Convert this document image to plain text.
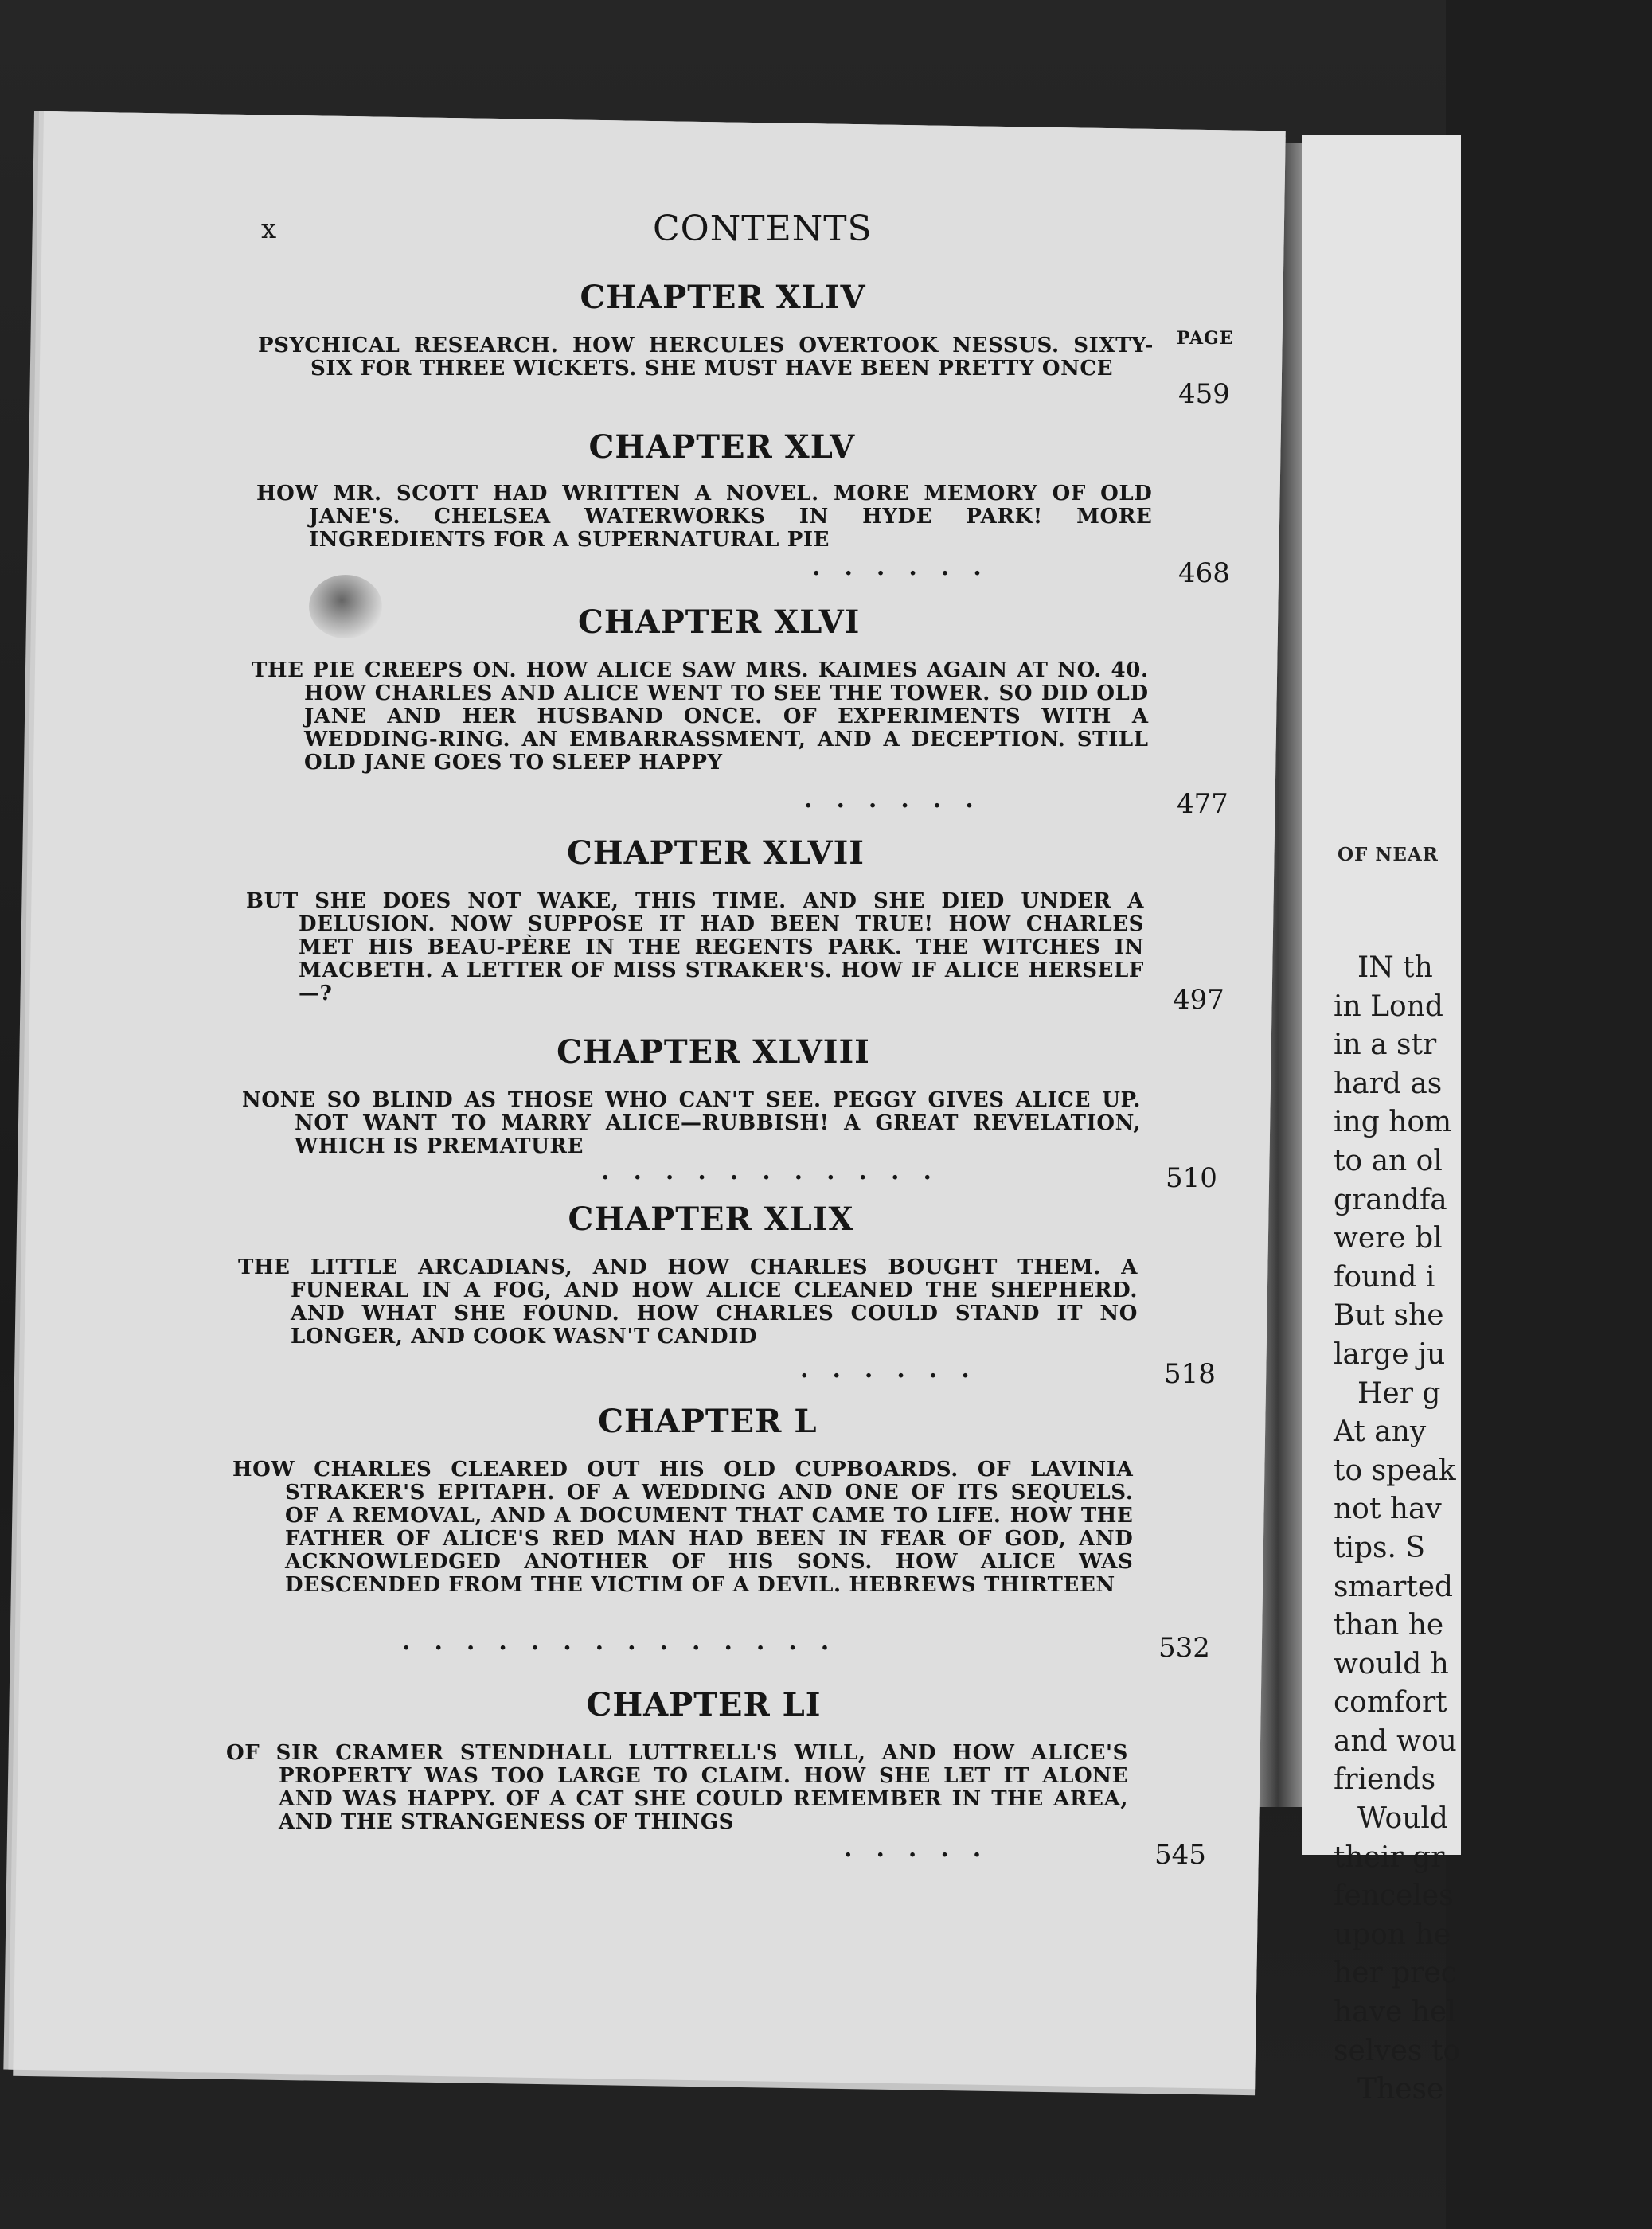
OF NEAR
IN th
in Lond
in a str
hard as
ing hom
to an ol
grandfa
were bl
found i
But she
large ju
Her g
At any
to speak
not hav
tips. S
smarted
than he
would h
comfort
and wou
friends
Would
their gr
fenceles
upon he
her prec
have hel
selves to
These
x	CONTENTS
PAGE
CHAPTER XLIV
PSYCHICAL RESEARCH. HOW HERCULES OVERTOOK NESSUS. SIXTY-SIX FOR THREE WICKETS. SHE MUST HAVE BEEN PRETTY ONCE
459
CHAPTER XLV
HOW MR. SCOTT HAD WRITTEN A NOVEL. MORE MEMORY OF OLD JANE'S. CHELSEA WATERWORKS IN HYDE PARK! MORE INGREDIENTS FOR A SUPERNATURAL PIE
......	468
CHAPTER XLVI
THE PIE CREEPS ON. HOW ALICE SAW MRS. KAIMES AGAIN AT NO. 40. HOW CHARLES AND ALICE WENT TO SEE THE TOWER. SO DID OLD JANE AND HER HUSBAND ONCE. OF EXPERIMENTS WITH A WEDDING-RING. AN EMBARRASSMENT, AND A DECEPTION. STILL OLD JANE GOES TO SLEEP HAPPY
......	477
CHAPTER XLVII
BUT SHE DOES NOT WAKE, THIS TIME. AND SHE DIED UNDER A DELUSION. NOW SUPPOSE IT HAD BEEN TRUE! HOW CHARLES MET HIS BEAU-PÈRE IN THE REGENTS PARK. THE WITCHES IN MACBETH. A LETTER OF MISS STRAKER'S. HOW IF ALICE HERSELF—?	497
CHAPTER XLVIII
NONE SO BLIND AS THOSE WHO CAN'T SEE. PEGGY GIVES ALICE UP. NOT WANT TO MARRY ALICE—RUBBISH! A GREAT REVELATION, WHICH IS PREMATURE
...........	510
CHAPTER XLIX
THE LITTLE ARCADIANS, AND HOW CHARLES BOUGHT THEM. A FUNERAL IN A FOG, AND HOW ALICE CLEANED THE SHEPHERD. AND WHAT SHE FOUND. HOW CHARLES COULD STAND IT NO LONGER, AND COOK WASN'T CANDID
......	518
CHAPTER L
HOW CHARLES CLEARED OUT HIS OLD CUPBOARDS. OF LAVINIA STRAKER'S EPITAPH. OF A WEDDING AND ONE OF ITS SEQUELS. OF A REMOVAL, AND A DOCUMENT THAT CAME TO LIFE. HOW THE FATHER OF ALICE'S RED MAN HAD BEEN IN FEAR OF GOD, AND ACKNOWLEDGED ANOTHER OF HIS SONS. HOW ALICE WAS DESCENDED FROM THE VICTIM OF A DEVIL. HEBREWS THIRTEEN
..............	532
CHAPTER LI
OF SIR CRAMER STENDHALL LUTTRELL'S WILL, AND HOW ALICE'S PROPERTY WAS TOO LARGE TO CLAIM. HOW SHE LET IT ALONE AND WAS HAPPY. OF A CAT SHE COULD REMEMBER IN THE AREA, AND THE STRANGENESS OF THINGS
.....	545
